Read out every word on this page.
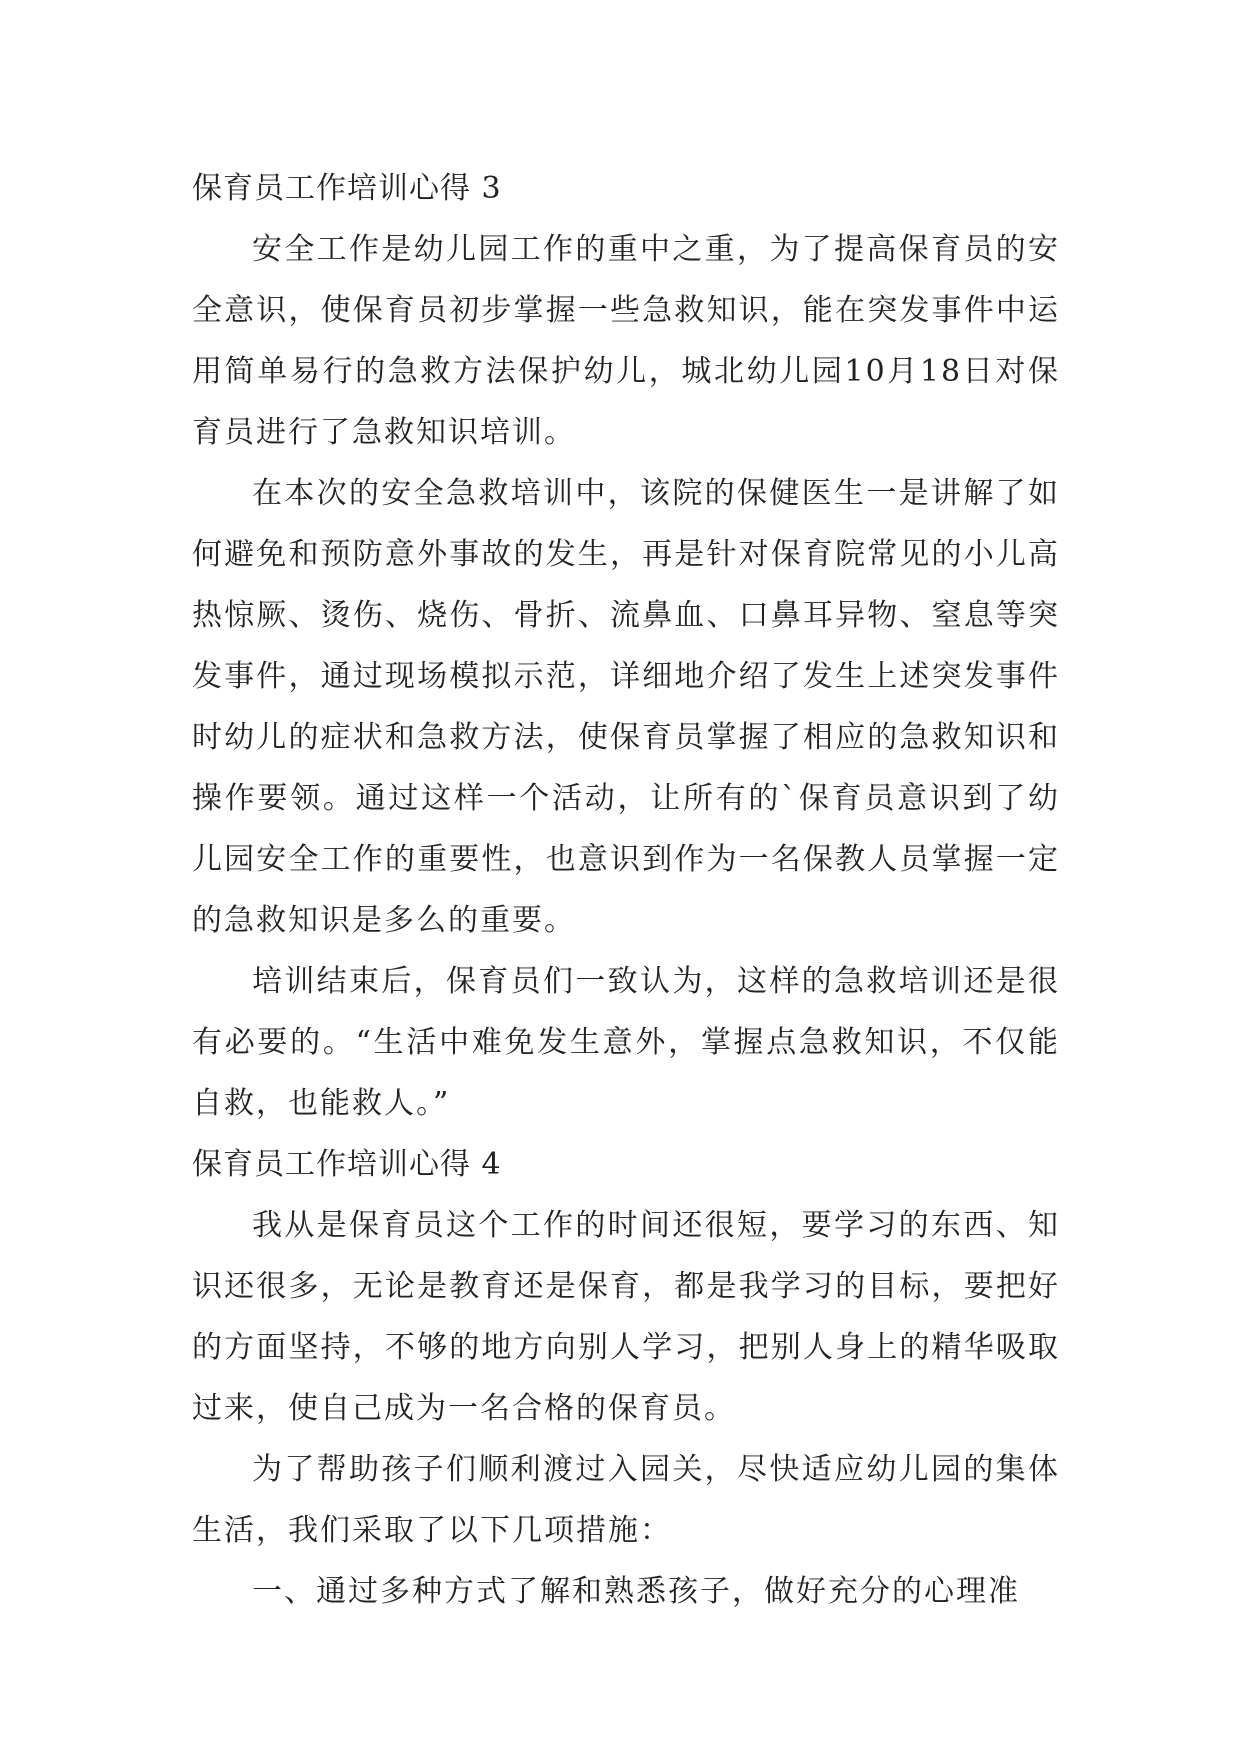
保育员工作培训心得 3

安全工作是幼儿园工作的重中之重，为了提高保育员的安全意识，使保育员初步掌握一些急救知识，能在突发事件中运用简单易行的急救方法保护幼儿，城北幼儿园10月18日对保育员进行了急救知识培训。

在本次的安全急救培训中，该院的保健医生一是讲解了如何避免和预防意外事故的发生，再是针对保育院常见的小儿高热惊厥、烫伤、烧伤、骨折、流鼻血、口鼻耳异物、窒息等突发事件，通过现场模拟示范，详细地介绍了发生上述突发事件时幼儿的症状和急救方法，使保育员掌握了相应的急救知识和操作要领。通过这样一个活动，让所有的`保育员意识到了幼儿园安全工作的重要性，也意识到作为一名保教人员掌握一定的急救知识是多么的重要。

培训结束后，保育员们一致认为，这样的急救培训还是很有必要的。“生活中难免发生意外，掌握点急救知识，不仅能自救，也能救人。”

保育员工作培训心得 4

我从是保育员这个工作的时间还很短，要学习的东西、知识还很多，无论是教育还是保育，都是我学习的目标，要把好的方面坚持，不够的地方向别人学习，把别人身上的精华吸取过来，使自己成为一名合格的保育员。

为了帮助孩子们顺利渡过入园关，尽快适应幼儿园的集体生活，我们采取了以下几项措施：

一、通过多种方式了解和熟悉孩子，做好充分的心理准
